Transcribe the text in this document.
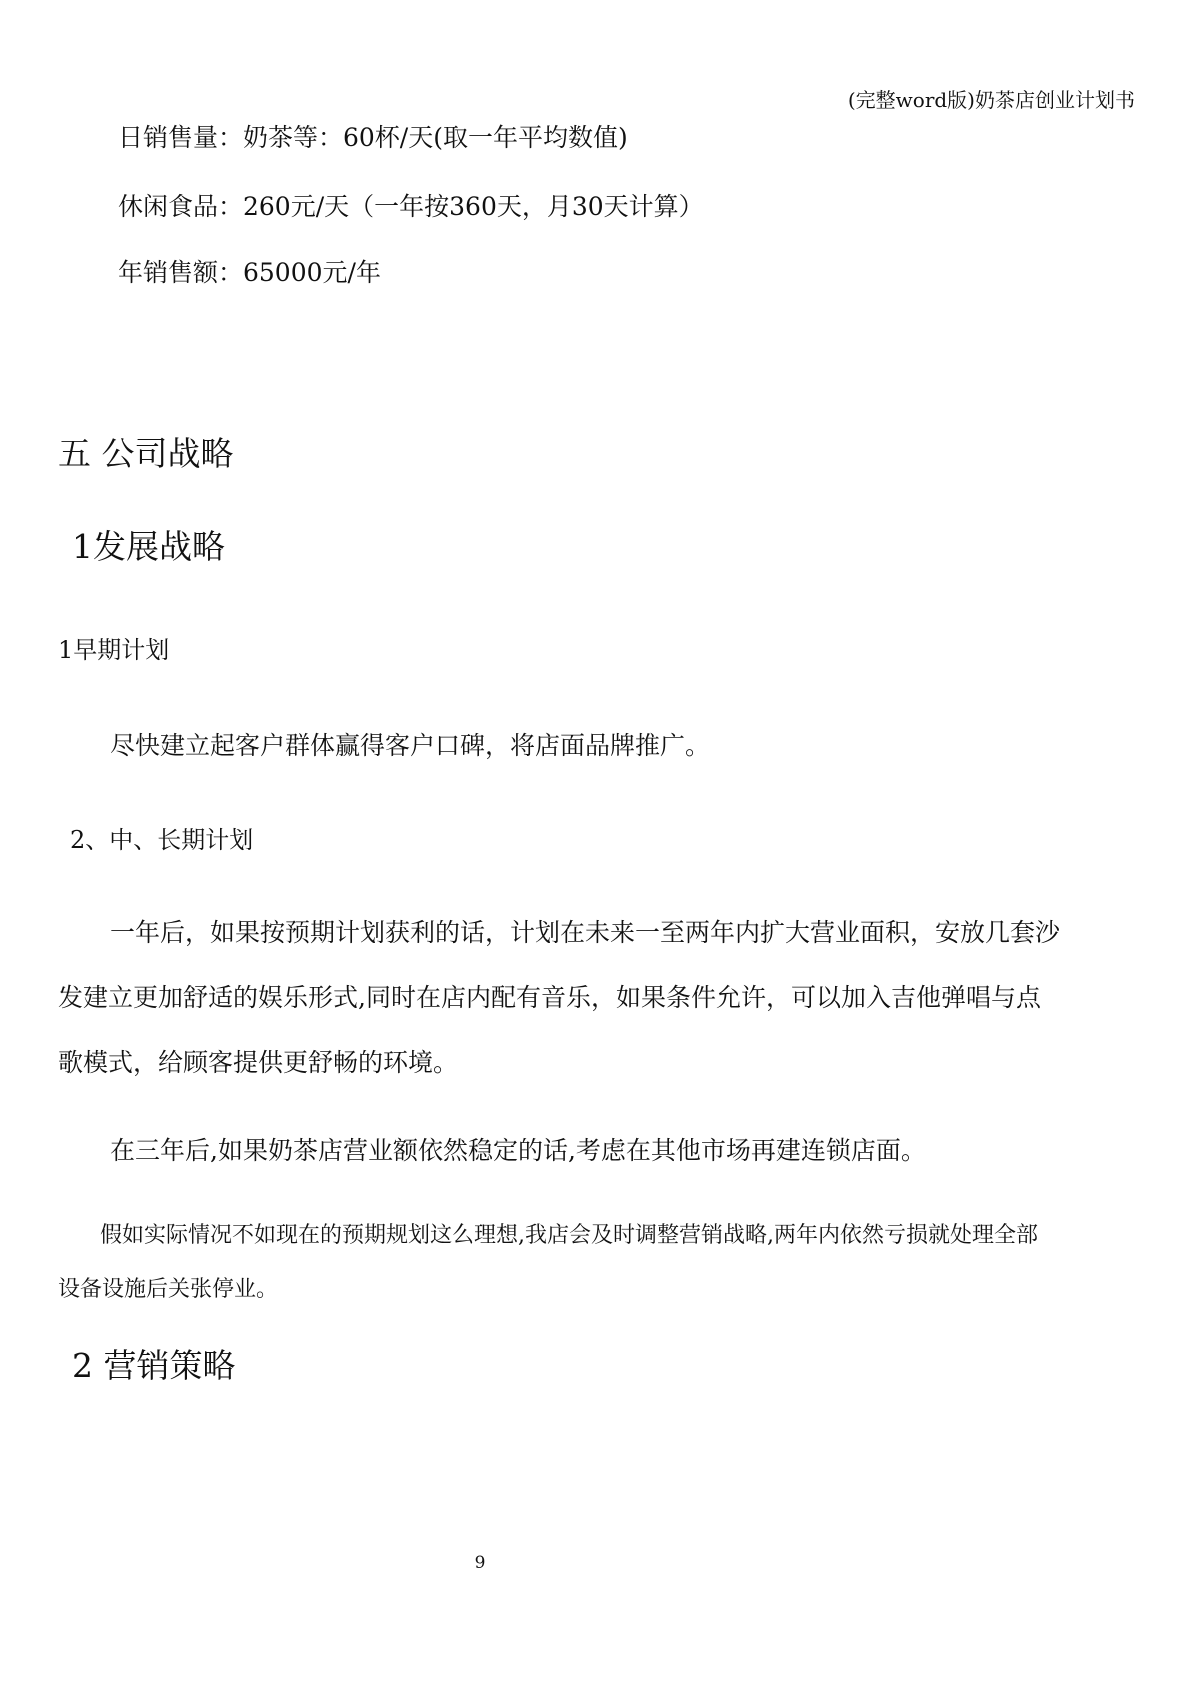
(完整word版)奶茶店创业计划书
日销售量：奶茶等：60杯/天(取一年平均数值)
休闲食品：260元/天（一年按360天，月30天计算）
年销售额：65000元/年
五 公司战略
1发展战略
1早期计划
尽快建立起客户群体赢得客户口碑，将店面品牌推广。
2、中、长期计划
一年后，如果按预期计划获利的话，计划在未来一至两年内扩大营业面积，安放几套沙
发建立更加舒适的娱乐形式,同时在店内配有音乐，如果条件允许，可以加入吉他弹唱与点
歌模式，给顾客提供更舒畅的环境。
在三年后,如果奶茶店营业额依然稳定的话,考虑在其他市场再建连锁店面。
假如实际情况不如现在的预期规划这么理想,我店会及时调整营销战略,两年内依然亏损就处理全部
设备设施后关张停业。
2 营销策略
9
